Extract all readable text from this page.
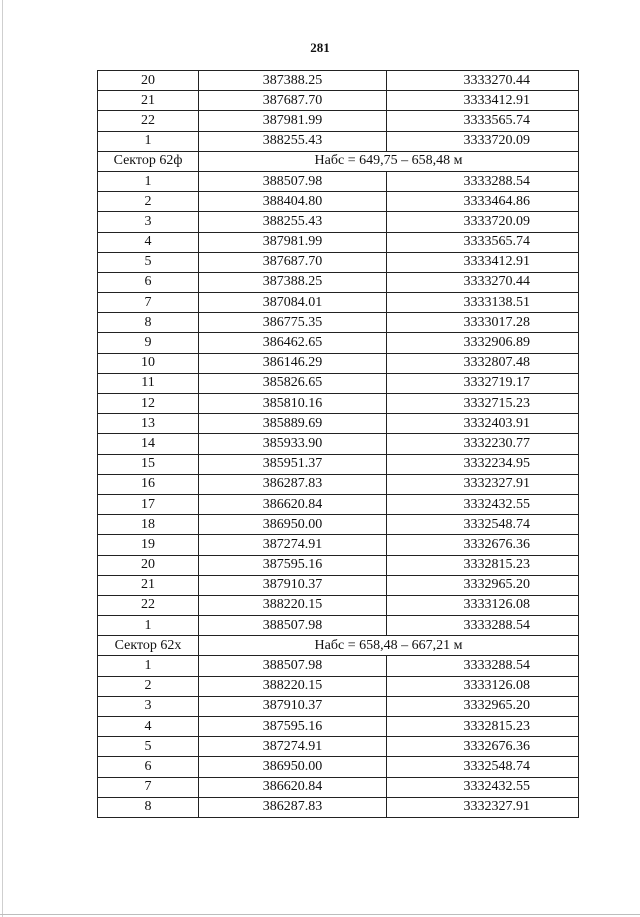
281
20	387388.25	3333270.44
21	387687.70	3333412.91
22	387981.99	3333565.74
1	388255.43	3333720.09
Сектор 62ф	Набс = 649,75 – 658,48 м	
1	388507.98	3333288.54
2	388404.80	3333464.86
3	388255.43	3333720.09
4	387981.99	3333565.74
5	387687.70	3333412.91
6	387388.25	3333270.44
7	387084.01	3333138.51
8	386775.35	3333017.28
9	386462.65	3332906.89
10	386146.29	3332807.48
11	385826.65	3332719.17
12	385810.16	3332715.23
13	385889.69	3332403.91
14	385933.90	3332230.77
15	385951.37	3332234.95
16	386287.83	3332327.91
17	386620.84	3332432.55
18	386950.00	3332548.74
19	387274.91	3332676.36
20	387595.16	3332815.23
21	387910.37	3332965.20
22	388220.15	3333126.08
1	388507.98	3333288.54
Сектор 62х	Набс = 658,48 – 667,21 м	
1	388507.98	3333288.54
2	388220.15	3333126.08
3	387910.37	3332965.20
4	387595.16	3332815.23
5	387274.91	3332676.36
6	386950.00	3332548.74
7	386620.84	3332432.55
8	386287.83	3332327.91
